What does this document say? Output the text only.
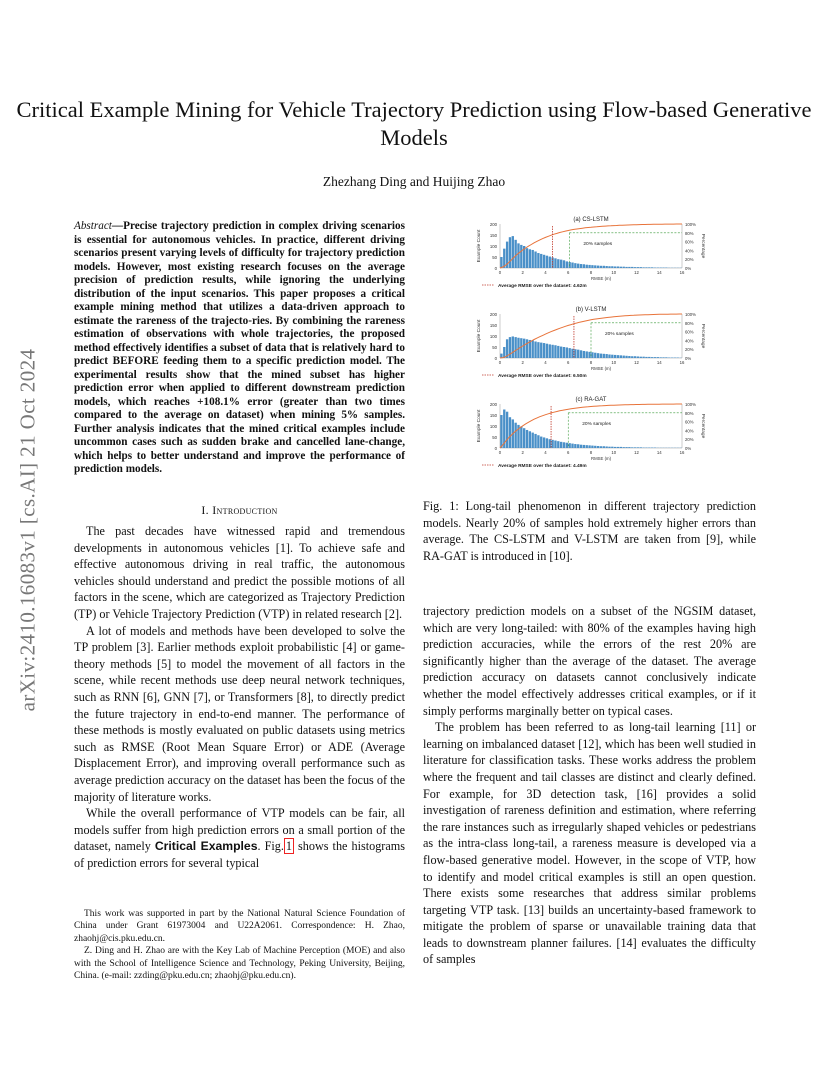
Critical Example Mining for Vehicle Trajectory Prediction using Flow-based Generative Models
Zhezhang Ding and Huijing Zhao
arXiv:2410.16083v1 [cs.AI] 21 Oct 2024
Abstract—Precise trajectory prediction in complex driving scenarios is essential for autonomous vehicles. In practice, different driving scenarios present varying levels of difficulty for trajectory prediction models. However, most existing research focuses on the average precision of prediction results, while ignoring the underlying distribution of the input scenarios. This paper proposes a critical example mining method that utilizes a data-driven approach to estimate the rareness of the trajecto-ries. By combining the rareness estimation of observations with whole trajectories, the proposed method effectively identifies a subset of data that is relatively hard to predict BEFORE feeding them to a specific prediction model. The experimental results show that the mined subset has higher prediction error when applied to different downstream prediction models, which reaches +108.1% error (greater than two times compared to the average on dataset) when mining 5% samples. Further analysis indicates that the mined critical examples include uncommon cases such as sudden brake and cancelled lane-change, which helps to better understand and improve the performance of prediction models.
I. Introduction

The past decades have witnessed rapid and tremendous developments in autonomous vehicles [1]. To achieve safe and effective autonomous driving in real traffic, the autonomous vehicles should understand and predict the possible motions of all factors in the scene, which are categorized as Trajectory Prediction (TP) or Vehicle Trajectory Prediction (VTP) in related research [2].

A lot of models and methods have been developed to solve the TP problem [3]. Earlier methods exploit probabilistic [4] or game-theory methods [5] to model the movement of all factors in the scene, while recent methods use deep neural network techniques, such as RNN [6], GNN [7], or Transformers [8], to directly predict the future trajectory in end-to-end manner. The performance of these methods is mostly evaluated on public datasets using metrics such as RMSE (Root Mean Square Error) or ADE (Average Displacement Error), and improving overall performance such as average prediction accuracy on the dataset has been the focus of the majority of literature works.

While the overall performance of VTP models can be fair, all models suffer from high prediction errors on a small portion of the dataset, namely Critical Examples. Fig. 1 shows the histograms of prediction errors for several typical

This work was supported in part by the National Natural Science Foundation of China under Grant 61973004 and U22A2061. Correspondence: H. Zhao, zhaohj@cis.pku.edu.cn.

Z. Ding and H. Zhao are with the Key Lab of Machine Perception (MOE) and also with the School of Intelligence Science and Technology, Peking University, Beijing, China. (e-mail: zzding@pku.edu.cn; zhaohj@pku.edu.cn).

(a) CS-LSTM
200
150
100
50
0
100%
80%
60%
40%
20%
0%
0	2	4	6	8	10	12	14	16
Example Count	Percentage
RMSE (m)
20% samples
Average RMSE over the dataset: 4.62m
(b) V-LSTM
200
150
100
50
0
100%
80%
60%
40%
20%
0%
0	2	4	6	8	10	12	14	16
Example Count	Percentage
RMSE (m)
20% samples
Average RMSE over the dataset: 6.50m
(c) RA-GAT
200
150
100
50
0
100%
80%
60%
40%
20%
0%
0	2	4	6	8	10	12	14	16
Example Count	Percentage
RMSE (m)
20% samples
Average RMSE over the dataset: 4.49m
Fig. 1: Long-tail phenomenon in different trajectory prediction models. Nearly 20% of samples hold extremely higher errors than average. The CS-LSTM and V-LSTM are taken from [9], while RA-GAT is introduced in [10].

trajectory prediction models on a subset of the NGSIM dataset, which are very long-tailed: with 80% of the examples having high prediction accuracies, while the errors of the rest 20% are significantly higher than the average of the dataset. The average prediction accuracy on datasets cannot conclusively indicate whether the model effectively addresses critical examples, or if it simply performs marginally better on typical cases.

The problem has been referred to as long-tail learning [11] or learning on imbalanced dataset [12], which has been well studied in literature for classification tasks. These works address the problem where the frequent and tail classes are distinct and clearly defined. For example, for 3D detection task, [16] provides a solid investigation of rareness definition and estimation, where referring the rare instances such as irregularly shaped vehicles or pedestrians as the intra-class long-tail, a rareness measure is developed via a flow-based generative model. However, in the scope of VTP, how to identify and model critical examples is still an open question. There exists some researches that address similar problems targeting VTP task. [13] builds an uncertainty-based framework to mitigate the problem of sparse or unavailable training data that leads to downstream planner failures. [14] evaluates the difficulty of samples
